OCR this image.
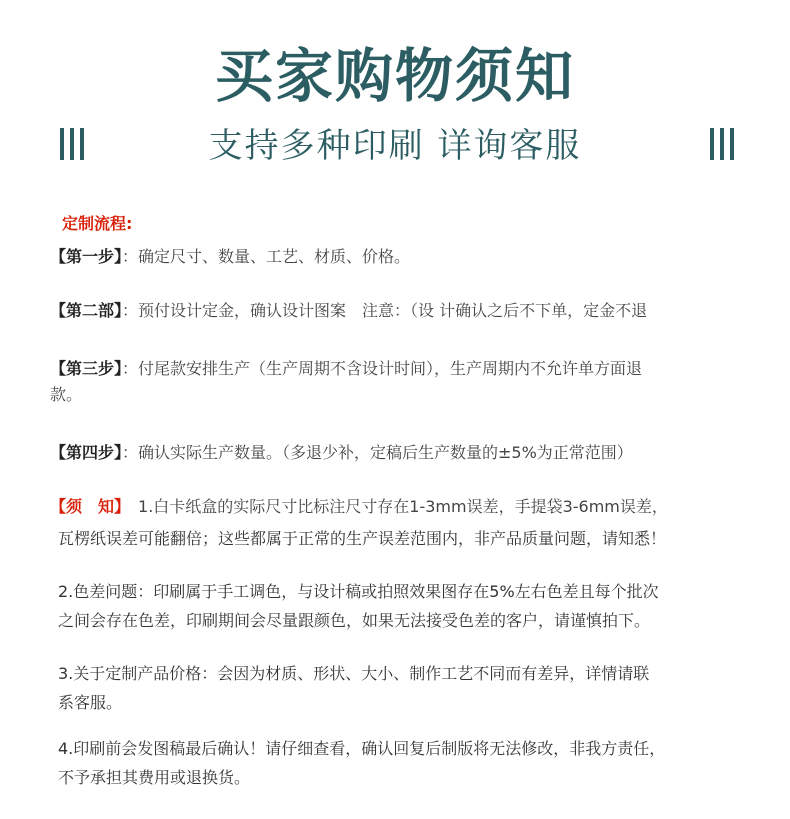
买家购物须知
支持多种印刷 详询客服
定制流程:
【第一步】：确定尺寸、数量、工艺、材质、价格。
【第二部】：预付设计定金，确认设计图案　注意：（设 计确认之后不下单，定金不退
【第三步】：付尾款安排生产（生产周期不含设计时间），生产周期内不允许单方面退
款。
【第四步】：确认实际生产数量。（多退少补，定稿后生产数量的±5%为正常范围）
【须　知】 1.白卡纸盒的实际尺寸比标注尺寸存在1-3mm误差，手提袋3-6mm误差，
瓦楞纸误差可能翻倍；这些都属于正常的生产误差范围内，非产品质量问题，请知悉！
2.色差问题：印刷属于手工调色，与设计稿或拍照效果图存在5%左右色差且每个批次
之间会存在色差，印刷期间会尽量跟颜色，如果无法接受色差的客户，请谨慎拍下。
3.关于定制产品价格：会因为材质、形状、大小、制作工艺不同而有差异，详情请联
系客服。
4.印刷前会发图稿最后确认！请仔细查看，确认回复后制版将无法修改，非我方责任，
不予承担其费用或退换货。
